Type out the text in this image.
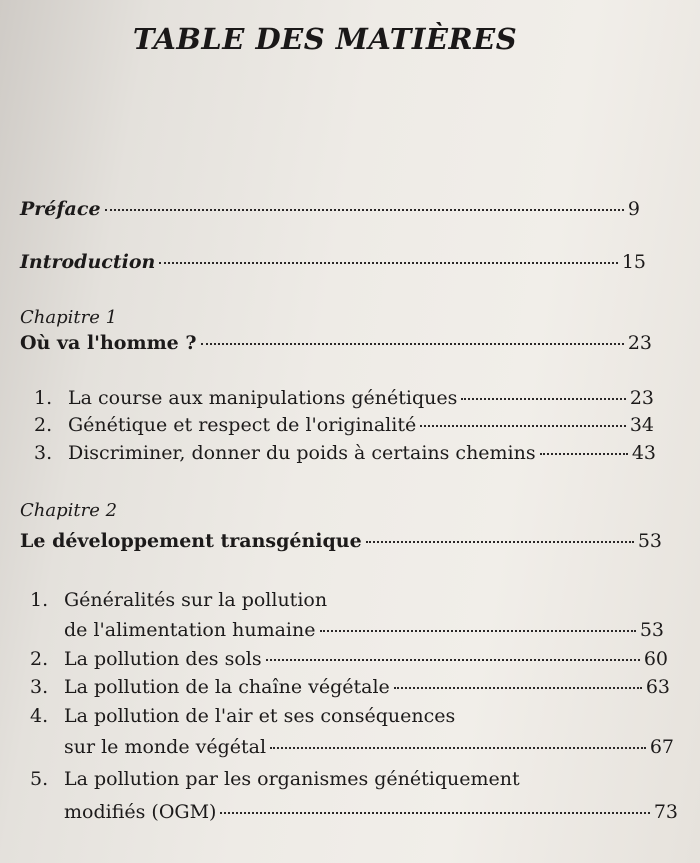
TABLE DES MATIÈRES
Préface	9
Introduction	15
Chapitre 1
Où va l'homme ?	23
1. La course aux manipulations génétiques	23
2. Génétique et respect de l'originalité	34
3. Discriminer, donner du poids à certains chemins	43
Chapitre 2
Le développement transgénique	53
1. Généralités sur la pollution
de l'alimentation humaine	53
2. La pollution des sols	60
3. La pollution de la chaîne végétale	63
4. La pollution de l'air et ses conséquences
sur le monde végétal	67
5. La pollution par les organismes génétiquement
modifiés (OGM)	73
